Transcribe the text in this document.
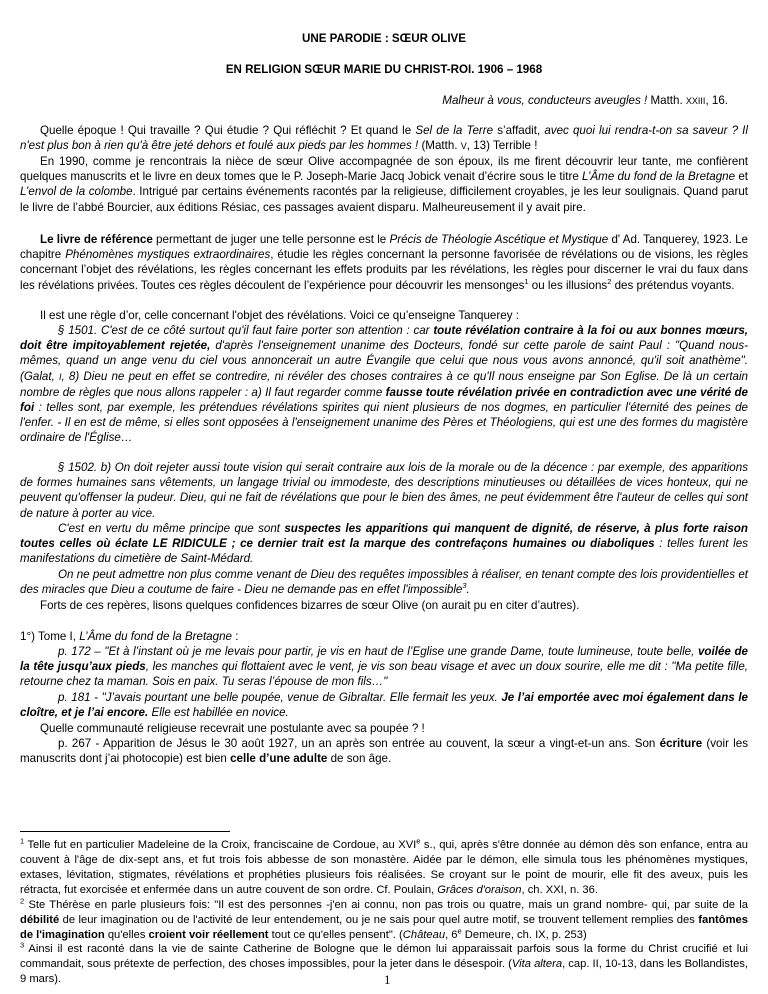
UNE PARODIE : SŒUR OLIVE
EN RELIGION SŒUR MARIE DU CHRIST-ROI. 1906 – 1968
Malheur à vous, conducteurs aveugles ! Matth. XXIII, 16.

Quelle époque ! Qui travaille ? Qui étudie ? Qui réfléchit ? Et quand le Sel de la Terre s’affadit, avec quoi lui rendra-t-on sa saveur ? Il n'est plus bon à rien qu'à être jeté dehors et foulé aux pieds par les hommes ! (Matth. V, 13) Terrible !

En 1990, comme je rencontrais la nièce de sœur Olive accompagnée de son époux, ils me firent découvrir leur tante, me confièrent quelques manuscrits et le livre en deux tomes que le P. Joseph-Marie Jacq Jobick venait d’écrire sous le titre L’Âme du fond de la Bretagne et L’envol de la colombe. Intrigué par certains événements racontés par la religieuse, difficilement croyables, je les leur soulignais. Quand parut le livre de l’abbé Bourcier, aux éditions Résiac, ces passages avaient disparu. Malheureusement il y avait pire.

Le livre de référence permettant de juger une telle personne est le Précis de Théologie Ascétique et Mystique d' Ad. Tanquerey, 1923. Le chapitre Phénomènes mystiques extraordinaires, étudie les règles concernant la personne favorisée de révélations ou de visions, les règles concernant l’objet des révélations, les règles concernant les effets produits par les révélations, les règles pour discerner le vrai du faux dans les révélations privées. Toutes ces règles découlent de l’expérience pour découvrir les mensonges$^1$ ou les illusions$^2$ des prétendus voyants.

Il est une règle d’or, celle concernant l'objet des révélations. Voici ce qu’enseigne Tanquerey :

§ 1501. C'est de ce côté surtout qu'il faut faire porter son attention : car toute révélation contraire à la foi ou aux bonnes mœurs, doit être impitoyablement rejetée, d'après l'enseignement unanime des Docteurs, fondé sur cette parole de saint Paul : "Quand nous-mêmes, quand un ange venu du ciel vous annoncerait un autre Évangile que celui que nous vous avons annoncé, qu'il soit anathème". (Galat, I, 8) Dieu ne peut en effet se contredire, ni révéler des choses contraires à ce qu'Il nous enseigne par Son Eglise. De là un certain nombre de règles que nous allons rappeler : a) Il faut regarder comme fausse toute révélation privée en contradiction avec une vérité de foi : telles sont, par exemple, les prétendues révélations spirites qui nient plusieurs de nos dogmes, en particulier l'éternité des peines de l'enfer. - Il en est de même, si elles sont opposées à l'enseignement unanime des Pères et Théologiens, qui est une des formes du magistère ordinaire de l'Église…

§ 1502. b) On doit rejeter aussi toute vision qui serait contraire aux lois de la morale ou de la décence : par exemple, des apparitions de formes humaines sans vêtements, un langage trivial ou immodeste, des descriptions minutieuses ou détaillées de vices honteux, qui ne peuvent qu'offenser la pudeur. Dieu, qui ne fait de révélations que pour le bien des âmes, ne peut évidemment être l'auteur de celles qui sont de nature à porter au vice.

C'est en vertu du même principe que sont suspectes les apparitions qui manquent de dignité, de réserve, à plus forte raison toutes celles où éclate LE RIDICULE ; ce dernier trait est la marque des contrefaçons humaines ou diaboliques : telles furent les manifestations du cimetière de Saint-Médard.

On ne peut admettre non plus comme venant de Dieu des requêtes impossibles à réaliser, en tenant compte des lois providentielles et des miracles que Dieu a coutume de faire - Dieu ne demande pas en effet l'impossible$^3$.

Forts de ces repères, lisons quelques confidences bizarres de sœur Olive (on aurait pu en citer d’autres).

1°) Tome I, L’Âme du fond de la Bretagne :

p. 172 – "Et à l’instant où je me levais pour partir, je vis en haut de l’Eglise une grande Dame, toute lumineuse, toute belle, voilée de la tête jusqu’aux pieds, les manches qui flottaient avec le vent, je vis son beau visage et avec un doux sourire, elle me dit : "Ma petite fille, retourne chez ta maman. Sois en paix. Tu seras l’épouse de mon fils…"

p. 181 - "J’avais pourtant une belle poupée, venue de Gibraltar. Elle fermait les yeux. Je l’ai emportée avec moi également dans le cloître, et je l’ai encore. Elle est habillée en novice.

Quelle communauté religieuse recevrait une postulante avec sa poupée ? !

p. 267 - Apparition de Jésus le 30 août 1927, un an après son entrée au couvent, la sœur a vingt-et-un ans. Son écriture (voir les manuscrits dont j’ai photocopie) est bien celle d’une adulte de son âge.

$^1$ Telle fut en particulier Madeleine de la Croix, franciscaine de Cordoue, au XVIe s., qui, après s'être donnée au démon dès son enfance, entra au couvent à l'âge de dix-sept ans, et fut trois fois abbesse de son monastère. Aidée par le démon, elle simula tous les phénomènes mystiques, extases, lévitation, stigmates, révélations et prophéties plusieurs fois réalisées. Se croyant sur le point de mourir, elle fit des aveux, puis les rétracta, fut exorcisée et enfermée dans un autre couvent de son ordre. Cf. Poulain, Grâces d'oraison, ch. XXI, n. 36.

$^2$ Ste Thérèse en parle plusieurs fois: "Il est des personnes -j'en ai connu, non pas trois ou quatre, mais un grand nombre- qui, par suite de la débilité de leur imagination ou de l'activité de leur entendement, ou je ne sais pour quel autre motif, se trouvent tellement remplies des fantômes de l'imagination qu'elles croient voir réellement tout ce qu'elles pensent". (Château, 6e Demeure, ch. IX, p. 253)

$^3$ Ainsi il est raconté dans la vie de sainte Catherine de Bologne que le démon lui apparaissait parfois sous la forme du Christ crucifié et lui commandait, sous prétexte de perfection, des choses impossibles, pour la jeter dans le désespoir. (Vita altera, cap. II, 10-13, dans les Bollandistes, 9 mars).	1
